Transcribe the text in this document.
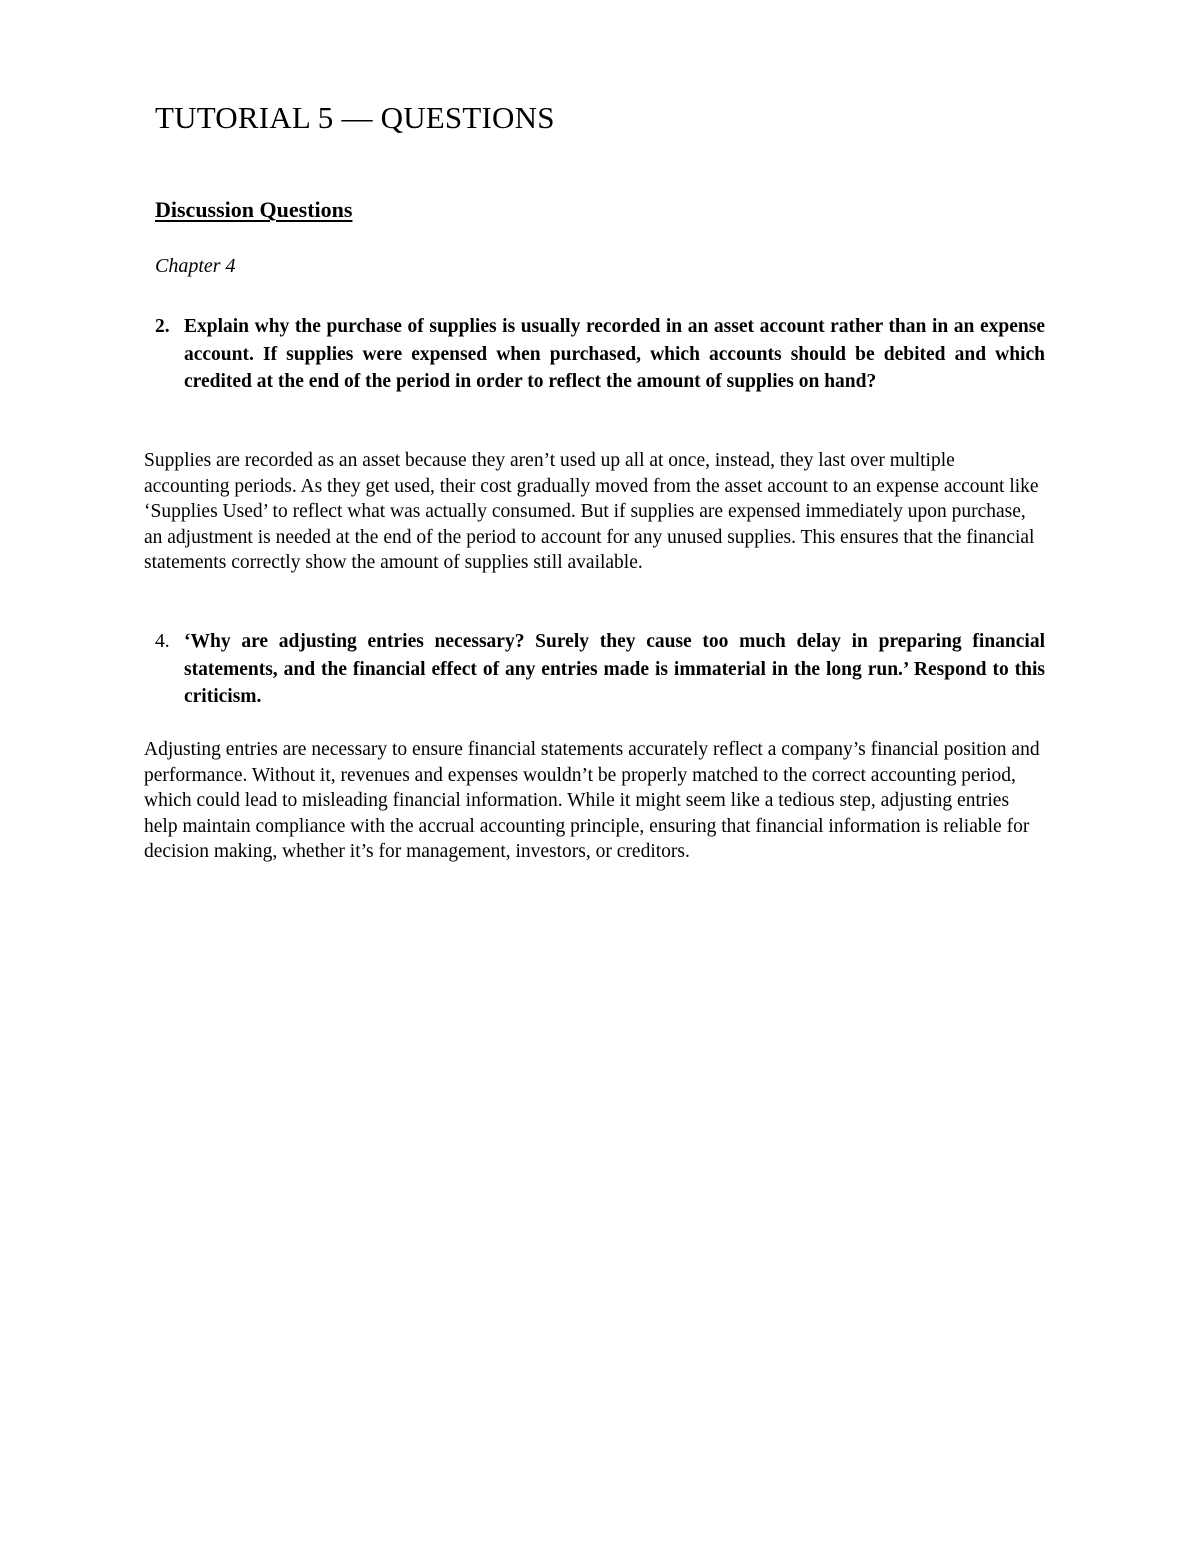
TUTORIAL 5 — QUESTIONS
Discussion Questions
Chapter 4
2. Explain why the purchase of supplies is usually recorded in an asset account rather than in an expense account. If supplies were expensed when purchased, which accounts should be debited and which credited at the end of the period in order to reflect the amount of supplies on hand?
Supplies are recorded as an asset because they aren’t used up all at once, instead, they last over multiple accounting periods. As they get used, their cost gradually moved from the asset account to an expense account like ‘Supplies Used’ to reflect what was actually consumed. But if supplies are expensed immediately upon purchase, an adjustment is needed at the end of the period to account for any unused supplies. This ensures that the financial statements correctly show the amount of supplies still available.
4. ‘Why are adjusting entries necessary? Surely they cause too much delay in preparing financial statements, and the financial effect of any entries made is immaterial in the long run.’ Respond to this criticism.
Adjusting entries are necessary to ensure financial statements accurately reflect a company’s financial position and performance. Without it, revenues and expenses wouldn’t be properly matched to the correct accounting period, which could lead to misleading financial information. While it might seem like a tedious step, adjusting entries help maintain compliance with the accrual accounting principle, ensuring that financial information is reliable for decision making, whether it’s for management, investors, or creditors.
